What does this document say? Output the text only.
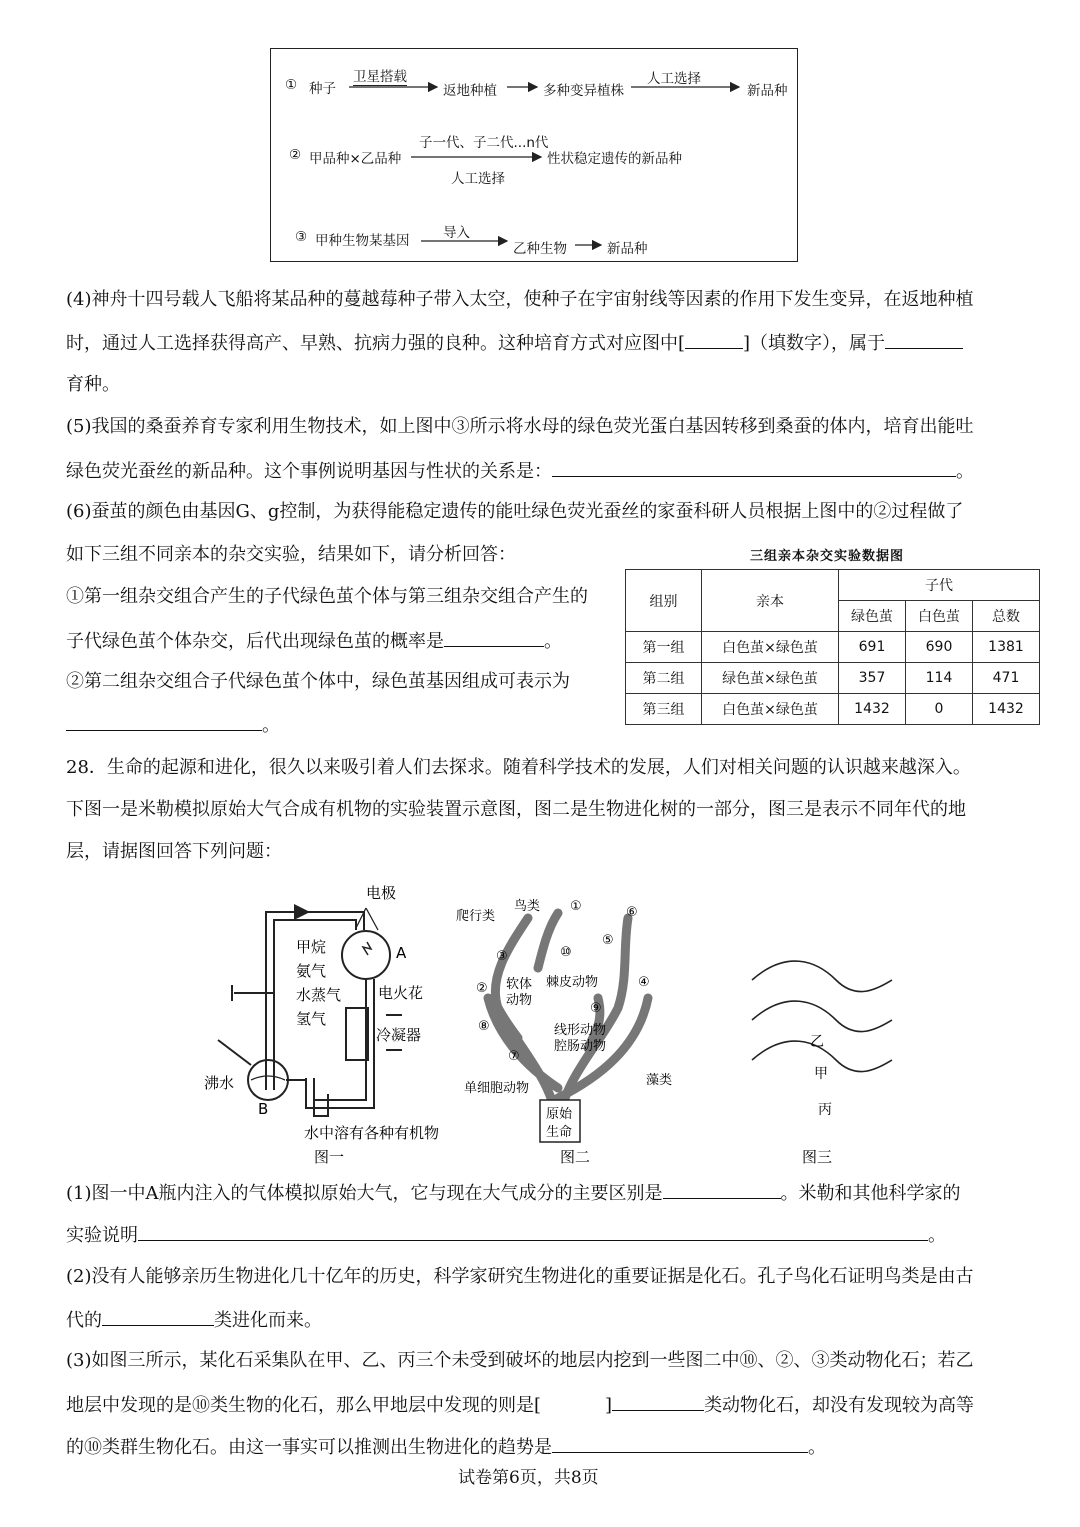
① 种子
卫星搭载
返地种植	多种变异植株
人工选择
新品种
子一代、子二代...n代
② 甲品种×乙品种	性状稳定遗传的新品种
人工选择
③ 甲种生物某基因 导入
乙种生物	新品种
(4)神舟十四号载人飞船将某品种的蔓越莓种子带入太空，使种子在宇宙射线等因素的作用下发生变异，在返地种植
时，通过人工选择获得高产、早熟、抗病力强的良种。这种培育方式对应图中[	]（填数字），属于
育种。
(5)我国的桑蚕养育专家利用生物技术，如上图中③所示将水母的绿色荧光蛋白基因转移到桑蚕的体内，培育出能吐
绿色荧光蚕丝的新品种。这个事例说明基因与性状的关系是：	。
(6)蚕茧的颜色由基因G、g控制，为获得能稳定遗传的能吐绿色荧光蚕丝的家蚕科研人员根据上图中的②过程做了
如下三组不同亲本的杂交实验，结果如下，请分析回答：
①第一组杂交组合产生的子代绿色茧个体与第三组杂交组合产生的
子代绿色茧个体杂交，后代出现绿色茧的概率是	。
②第二组杂交组合子代绿色茧个体中，绿色茧基因组成可表示为
。
三组亲本杂交实验数据图
组别	亲本	子代		
		绿色茧	白色茧	总数
第一组	白色茧×绿色茧	691	690	1381
第二组	绿色茧×绿色茧	357	114	471
第三组	白色茧×绿色茧	1432	0	1432
28．生命的起源和进化，很久以来吸引着人们去探求。随着科学技术的发展，人们对相关问题的认识越来越深入。
下图一是米勒模拟原始大气合成有机物的实验装置示意图，图二是生物进化树的一部分，图三是表示不同年代的地
层，请据图回答下列问题：
电极
甲烷
氨气
水蒸气
氢气
A
电火花
冷凝器
沸水
B
水中溶有各种有机物
图一
爬行类
鸟类 ①	⑥
③	⑩
⑤
② 软体
动物
棘皮动物	④
⑨
⑧	线形动物
腔肠动物
⑦
藻类
单细胞动物
原始
生命
图二
乙
甲
丙
图三
(1)图一中A瓶内注入的气体模拟原始大气，它与现在大气成分的主要区别是	。米勒和其他科学家的
实验说明	。
(2)没有人能够亲历生物进化几十亿年的历史，科学家研究生物进化的重要证据是化石。孔子鸟化石证明鸟类是由古
代的	类进化而来。
(3)如图三所示，某化石采集队在甲、乙、丙三个未受到破坏的地层内挖到一些图二中⑩、②、③类动物化石；若乙
地层中发现的是⑩类生物的化石，那么甲地层中发现的则是[	]	类动物化石，却没有发现较为高等
的⑩类群生物化石。由这一事实可以推测出生物进化的趋势是	。
试卷第6页，共8页
